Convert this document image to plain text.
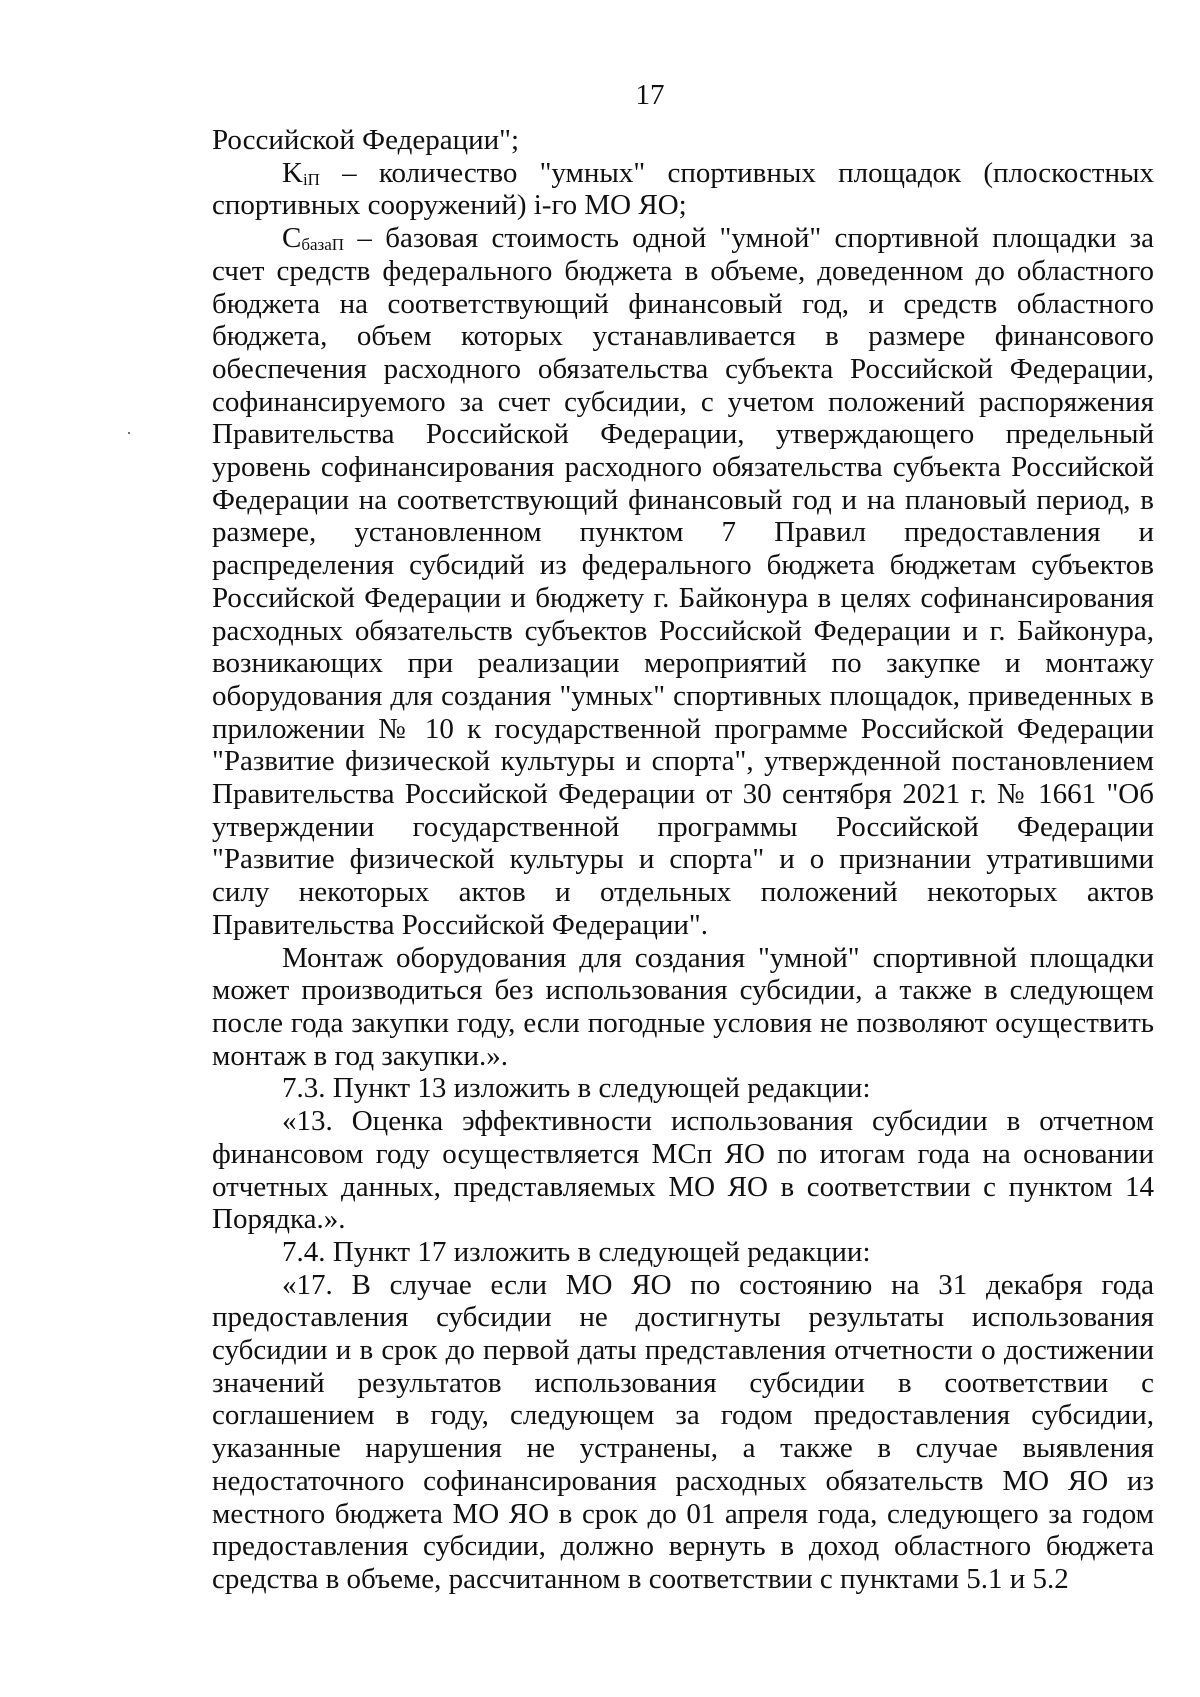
17

Российской Федерации";

KiП – количество "умных" спортивных площадок (плоскостных спортивных сооружений) i-го МО ЯО;

СбазаП – базовая стоимость одной "умной" спортивной площадки за счет средств федерального бюджета в объеме, доведенном до областного бюджета на соответствующий финансовый год, и средств областного бюджета, объем которых устанавливается в размере финансового обеспечения расходного обязательства субъекта Российской Федерации, софинансируемого за счет субсидии, с учетом положений распоряжения Правительства Российской Федерации, утверждающего предельный уровень софинансирования расходного обязательства субъекта Российской Федерации на соответствующий финансовый год и на плановый период, в размере, установленном пунктом 7 Правил предоставления и распределения субсидий из федерального бюджета бюджетам субъектов Российской Федерации и бюджету г. Байконура в целях софинансирования расходных обязательств субъектов Российской Федерации и г. Байконура, возникающих при реализации мероприятий по закупке и монтажу оборудования для создания "умных" спортивных площадок, приведенных в приложении № 10 к государственной программе Российской Федерации "Развитие физической культуры и спорта", утвержденной постановлением Правительства Российской Федерации от 30 сентября 2021 г. № 1661 "Об утверждении государственной программы Российской Федерации "Развитие физической культуры и спорта" и о признании утратившими силу некоторых актов и отдельных положений некоторых актов Правительства Российской Федерации".

Монтаж оборудования для создания "умной" спортивной площадки может производиться без использования субсидии, а также в следующем после года закупки году, если погодные условия не позволяют осуществить монтаж в год закупки.».

7.3. Пункт 13 изложить в следующей редакции:

«13. Оценка эффективности использования субсидии в отчетном финансовом году осуществляется МСп ЯО по итогам года на основании отчетных данных, представляемых МО ЯО в соответствии с пунктом 14 Порядка.».

7.4. Пункт 17 изложить в следующей редакции:

«17. В случае если МО ЯО по состоянию на 31 декабря года предоставления субсидии не достигнуты результаты использования субсидии и в срок до первой даты представления отчетности о достижении значений результатов использования субсидии в соответствии с соглашением в году, следующем за годом предоставления субсидии, указанные нарушения не устранены, а также в случае выявления недостаточного софинансирования расходных обязательств МО ЯО из местного бюджета МО ЯО в срок до 01 апреля года, следующего за годом предоставления субсидии, должно вернуть в доход областного бюджета средства в объеме, рассчитанном в соответствии с пунктами 5.1 и 5.2
